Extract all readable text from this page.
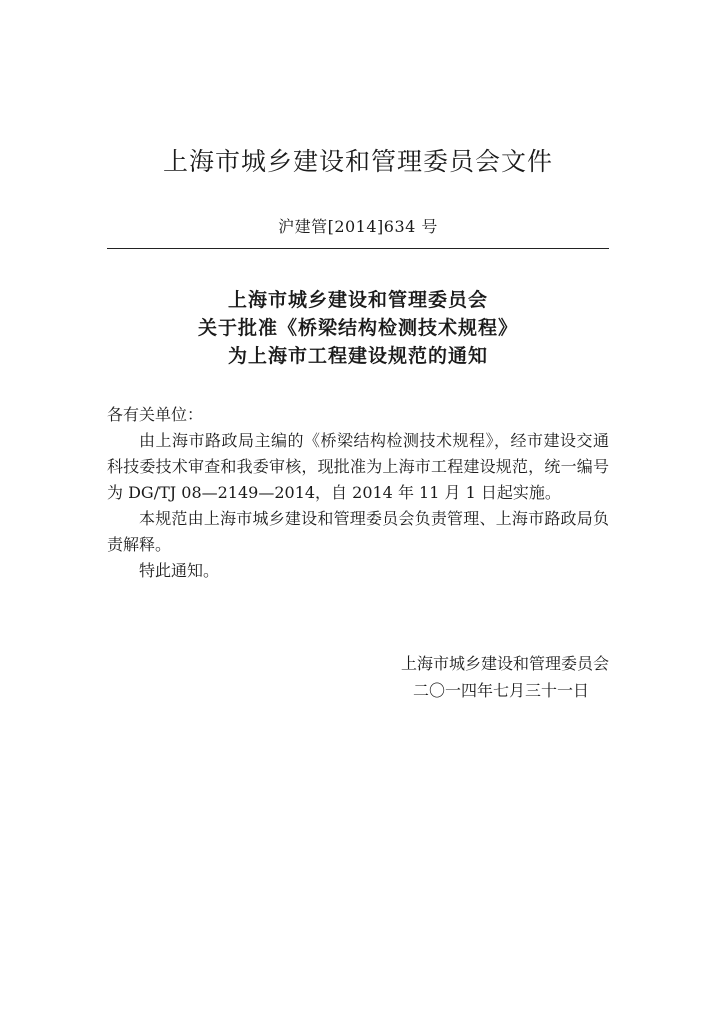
上海市城乡建设和管理委员会文件
沪建管[2014]634 号
上海市城乡建设和管理委员会
关于批准《桥梁结构检测技术规程》
为上海市工程建设规范的通知

各有关单位：

由上海市路政局主编的《桥梁结构检测技术规程》，经市建设交通科技委技术审查和我委审核，现批准为上海市工程建设规范，统一编号为 DG/TJ 08—2149—2014，自 2014 年 11 月 1 日起实施。

本规范由上海市城乡建设和管理委员会负责管理、上海市路政局负责解释。

特此通知。

上海市城乡建设和管理委员会
二〇一四年七月三十一日
